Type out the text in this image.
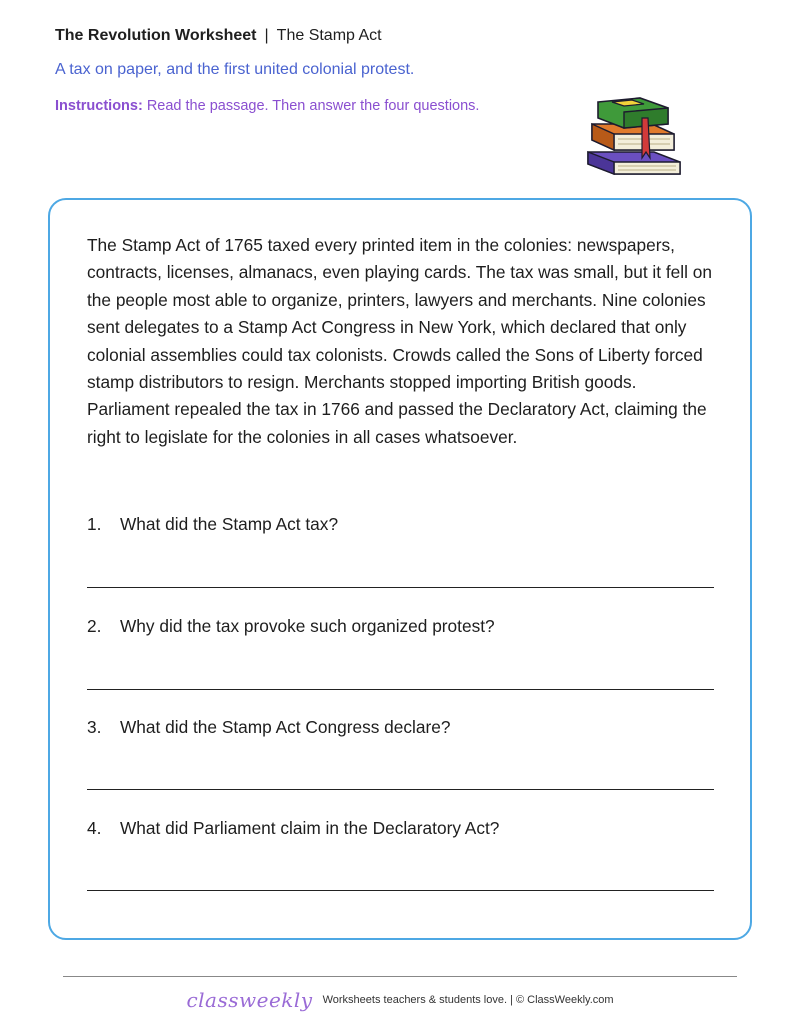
The Revolution Worksheet | The Stamp Act
A tax on paper, and the first united colonial protest.
Instructions: Read the passage. Then answer the four questions.
The Stamp Act of 1765 taxed every printed item in the colonies: newspapers, contracts, licenses, almanacs, even playing cards. The tax was small, but it fell on the people most able to organize, printers, lawyers and merchants. Nine colonies sent delegates to a Stamp Act Congress in New York, which declared that only colonial assemblies could tax colonists. Crowds called the Sons of Liberty forced stamp distributors to resign. Merchants stopped importing British goods. Parliament repealed the tax in 1766 and passed the Declaratory Act, claiming the right to legislate for the colonies in all cases whatsoever.
1. What did the Stamp Act tax?
2. Why did the tax provoke such organized protest?
3. What did the Stamp Act Congress declare?
4. What did Parliament claim in the Declaratory Act?
classweekly Worksheets teachers & students love. | © ClassWeekly.com
